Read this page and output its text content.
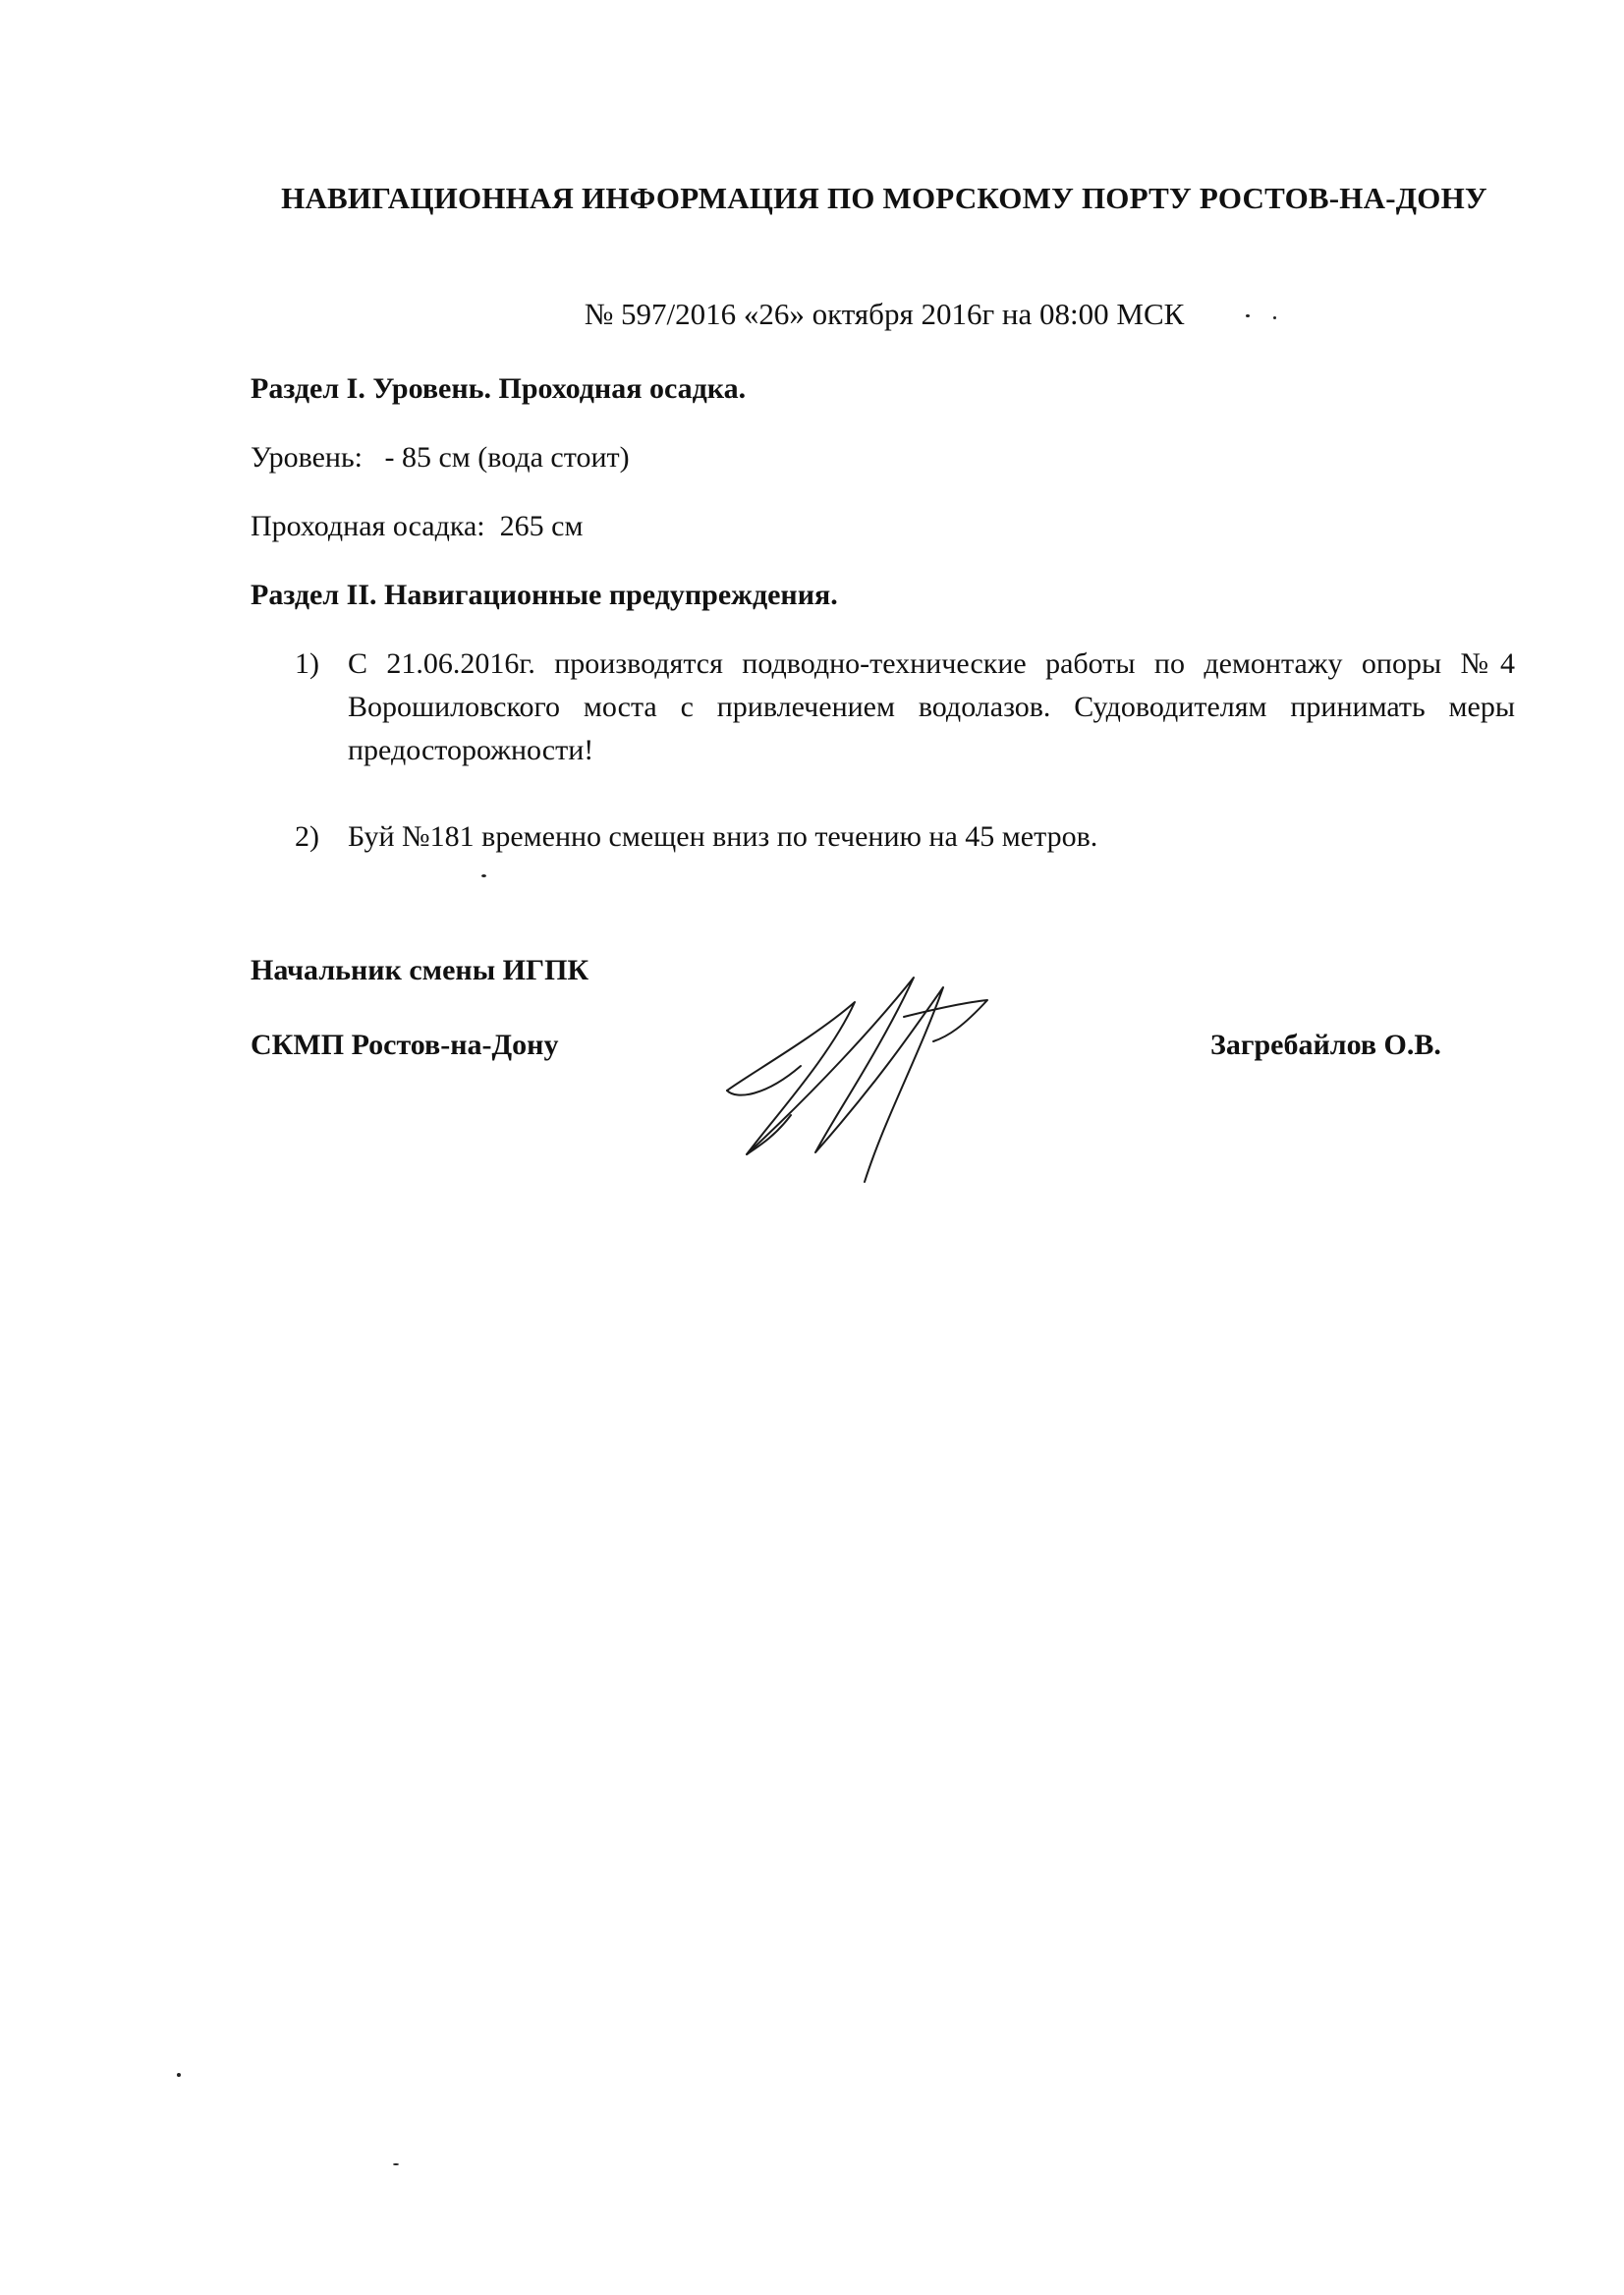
НАВИГАЦИОННАЯ ИНФОРМАЦИЯ ПО МОРСКОМУ ПОРТУ РОСТОВ-НА-ДОНУ
№ 597/2016 «26» октября 2016г на 08:00 МСК
Раздел I. Уровень. Проходная осадка.
Уровень:   - 85 см (вода стоит)
Проходная осадка:  265 см
Раздел II. Навигационные предупреждения.
1) С 21.06.2016г. производятся подводно-технические работы по демонтажу опоры №4 Ворошиловского моста с привлечением водолазов. Судоводителям принимать меры предосторожности!
2) Буй №181 временно смещен вниз по течению на 45 метров.
Начальник смены ИГПК
СКМП Ростов-на-Дону	Загребайлов О.В.
